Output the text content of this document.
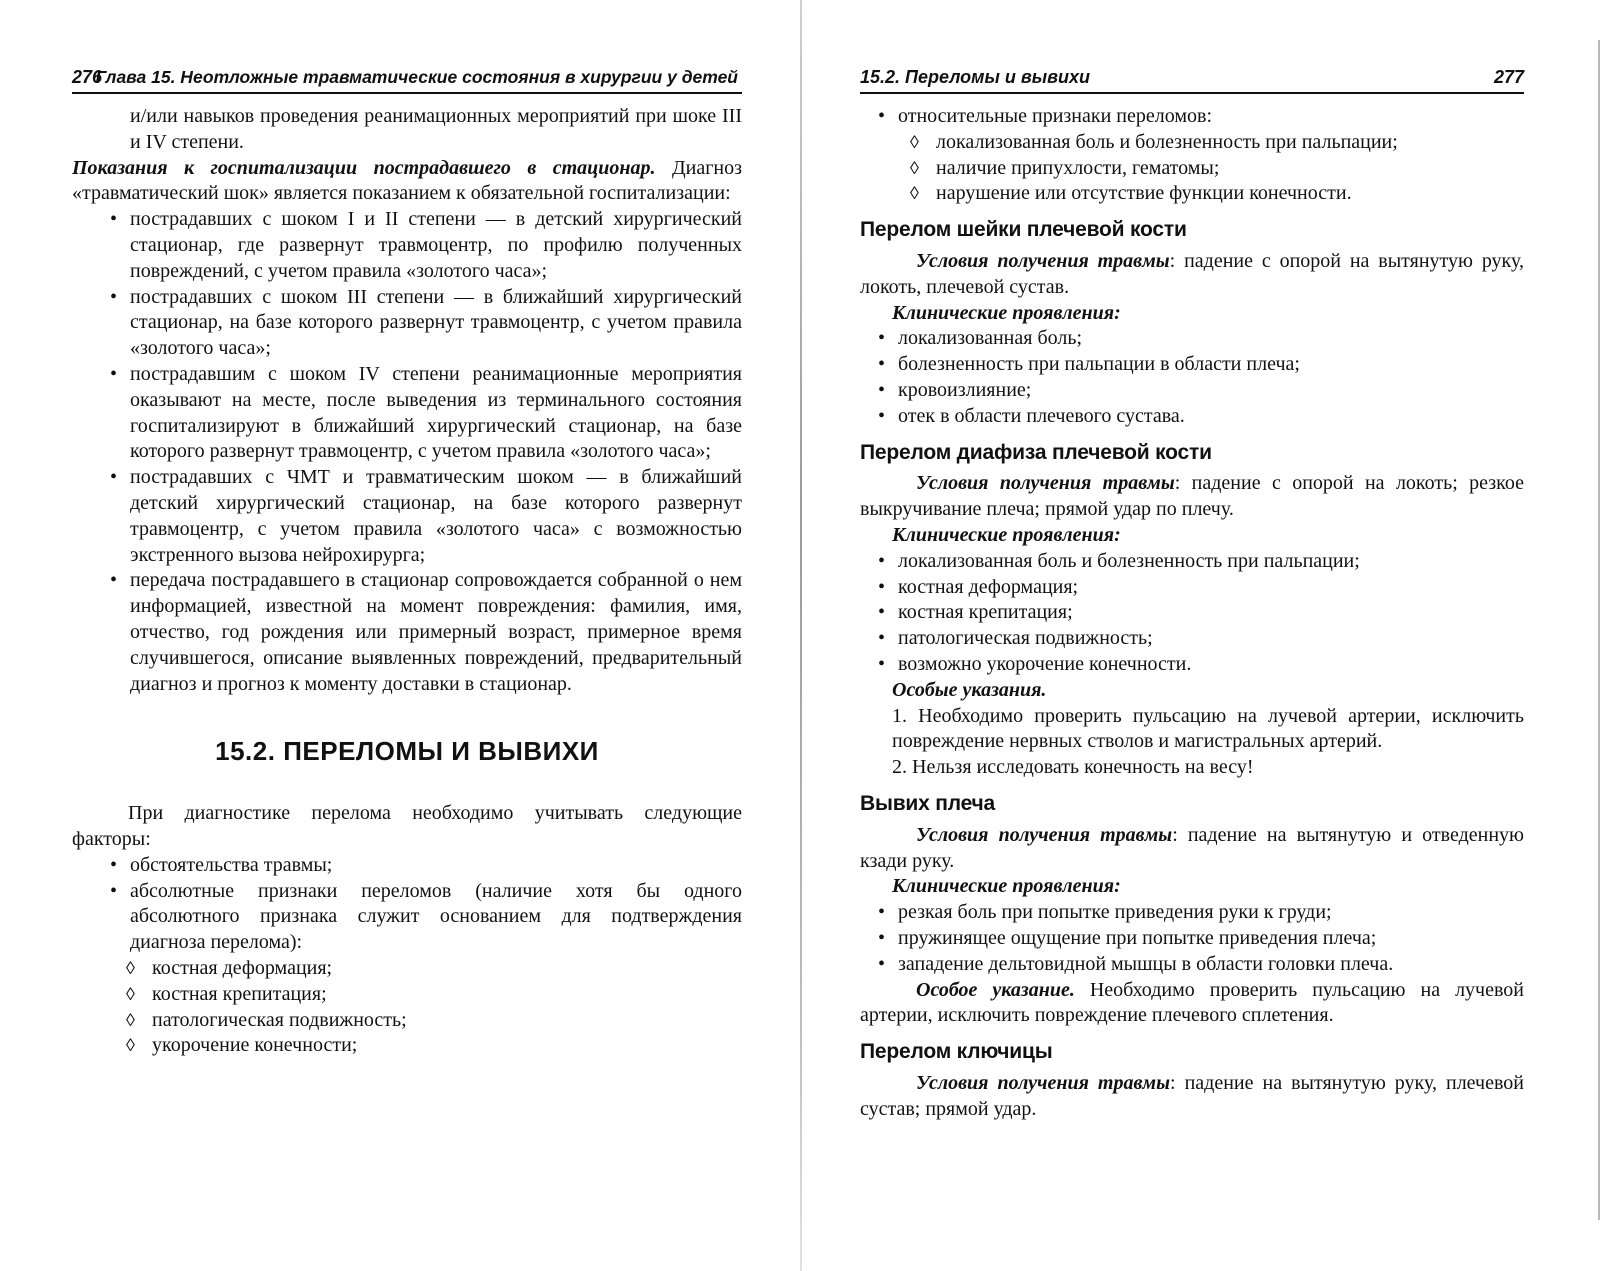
276
Глава 15. Неотложные травматические состояния в хирургии у детей

и/или навыков проведения реанимационных мероприятий при шоке III и IV степени.

Показания к госпитализации пострадавшего в стационар. Диагноз «травматический шок» является показанием к обязательной госпитализации:

• пострадавших с шоком I и II степени — в детский хирургический стационар, где развернут травмоцентр, по профилю полученных повреждений, с учетом правила «золотого часа»;
• пострадавших с шоком III степени — в ближайший хирургический стационар, на базе которого развернут травмоцентр, с учетом правила «золотого часа»;
• пострадавшим с шоком IV степени реанимационные мероприятия оказывают на месте, после выведения из терминального состояния госпитализируют в ближайший хирургический стационар, на базе которого развернут травмоцентр, с учетом правила «золотого часа»;
• пострадавших с ЧМТ и травматическим шоком — в ближайший детский хирургический стационар, на базе которого развернут травмоцентр, с учетом правила «золотого часа» с возможностью экстренного вызова нейрохирурга;
• передача пострадавшего в стационар сопровождается собранной о нем информацией, известной на момент повреждения: фамилия, имя, отчество, год рождения или примерный возраст, примерное время случившегося, описание выявленных повреждений, предварительный диагноз и прогноз к моменту доставки в стационар.
15.2. ПЕРЕЛОМЫ И ВЫВИХИ

При диагностике перелома необходимо учитывать следующие факторы:

• обстоятельства травмы;
• абсолютные признаки переломов (наличие хотя бы одного абсолютного признака служит основанием для подтверждения диагноза перелома):
◊ костная деформация;
◊ костная крепитация;
◊ патологическая подвижность;
◊ укорочение конечности;
15.2. Переломы и вывихи	277
• относительные признаки переломов:
◊ локализованная боль и болезненность при пальпации;
◊ наличие припухлости, гематомы;
◊ нарушение или отсутствие функции конечности.
Перелом шейки плечевой кости

Условия получения травмы: падение с опорой на вытянутую руку, локоть, плечевой сустав.

Клинические проявления:

• локализованная боль;
• болезненность при пальпации в области плеча;
• кровоизлияние;
• отек в области плечевого сустава.
Перелом диафиза плечевой кости

Условия получения травмы: падение с опорой на локоть; резкое выкручивание плеча; прямой удар по плечу.

Клинические проявления:

• локализованная боль и болезненность при пальпации;
• костная деформация;
• костная крепитация;
• патологическая подвижность;
• возможно укорочение конечности.

Особые указания.

1. Необходимо проверить пульсацию на лучевой артерии, исключить повреждение нервных стволов и магистральных артерий.

2. Нельзя исследовать конечность на весу!

Вывих плеча

Условия получения травмы: падение на вытянутую и отведенную кзади руку.

Клинические проявления:

• резкая боль при попытке приведения руки к груди;
• пружинящее ощущение при попытке приведения плеча;
• западение дельтовидной мышцы в области головки плеча.

Особое указание. Необходимо проверить пульсацию на лучевой артерии, исключить повреждение плечевого сплетения.

Перелом ключицы

Условия получения травмы: падение на вытянутую руку, плечевой сустав; прямой удар.
